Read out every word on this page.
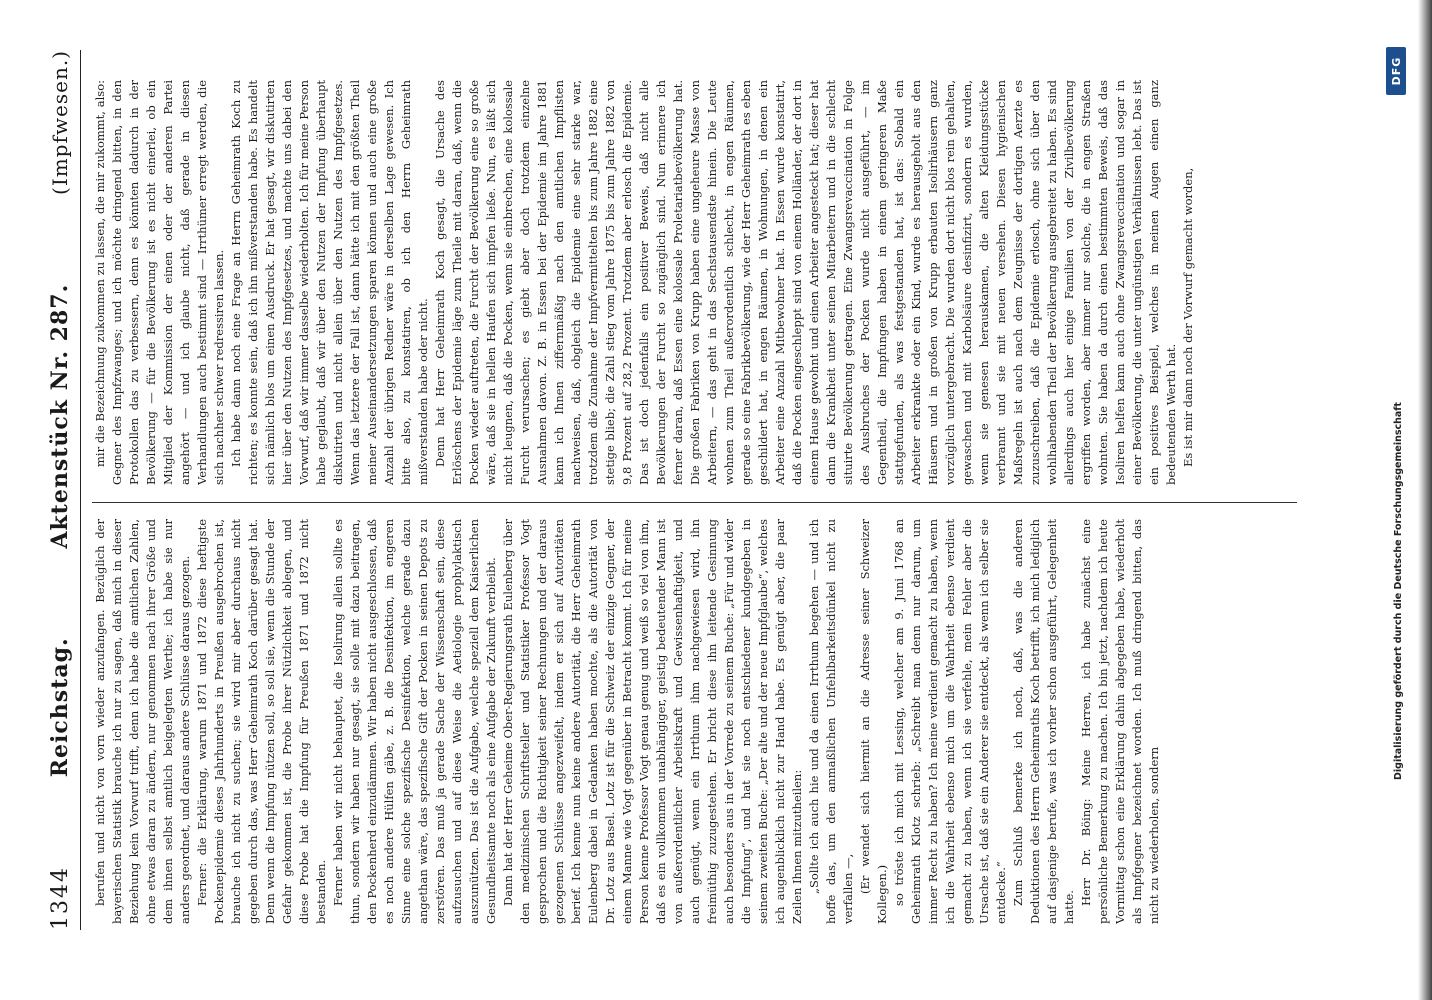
1344
Reichstag.
Aktenstück Nr. 287.
(Impfwesen.)

berufen und nicht von vorn wieder anzufangen. Bezüglich der bayerischen Statistik brauche ich nur zu sagen, daß mich in dieser Beziehung kein Vorwurf trifft, denn ich habe die amtlichen Zahlen, ohne etwas daran zu ändern, nur genommen nach ihrer Größe und dem ihnen selbst amtlich beigelegten Werthe; ich habe sie nur anders geordnet, und daraus andere Schlüsse daraus gezogen. Ferner: die Erklärung, warum 1871 und 1872 diese heftigste Pockenepidemie dieses Jahrhunderts in Preußen ausgebrochen ist, brauche ich nicht zu suchen; sie wird mir aber durchaus nicht gegeben durch das, was Herr Geheimrath Koch darüber gesagt hat. Denn wenn die Impfung nützen soll, so soll sie, wenn die Stunde der Gefahr gekommen ist, die Probe ihrer Nützlichkeit ablegen, und diese Probe hat die Impfung für Preußen 1871 und 1872 nicht bestanden. Ferner haben wir nicht behauptet, die Isolirung allein sollte es thun, sondern wir haben nur gesagt, sie solle mit dazu beitragen, den Pockenherd einzudämmen. Wir haben nicht ausgeschlossen, daß es noch andere Hülfen gäbe, z. B. die Desinfektion, im engeren Sinne eine solche spezifische Desinfektion, welche gerade dazu angethan wäre, das spezifische Gift der Pocken in seinen Depots zu zerstören. Das muß ja gerade Sache der Wissenschaft sein, diese aufzusuchen und auf diese Weise die Aetiologie prophylaktisch auszunützen. Das ist die Aufgabe, welche speziell dem Kaiserlichen Gesundheitsamte noch als eine Aufgabe der Zukunft verbleibt. Dann hat der Herr Geheime Ober-Regierungsrath Eulenberg über den medizinischen Schriftsteller und Statistiker Professor Vogt gesprochen und die Richtigkeit seiner Rechnungen und der daraus gezogenen Schlüsse angezweifelt, indem er sich auf Autoritäten berief. Ich kenne nun keine andere Autorität, die Herr Geheimrath Eulenberg dabei in Gedanken haben mochte, als die Autorität von Dr. Lotz aus Basel. Lotz ist für die Schweiz der einzige Gegner, der einem Manne wie Vogt gegenüber in Betracht kommt. Ich für meine Person kenne Professor Vogt genau genug und weiß so viel von ihm, daß es ein vollkommen unabhängiger, geistig bedeutender Mann ist von außerordentlicher Arbeitskraft und Gewissenhaftigkeit, und auch genügt, wenn ein Irrthum ihm nachgewiesen wird, ihn freimüthig zuzugestehen. Er bricht diese ihn leitende Gesinnung auch besonders aus in der Vorrede zu seinem Buche: „Für und wider die Impfung“, und hat sie noch entschiedener kundgegeben in seinem zweiten Buche: „Der alte und der neue Impfglaube“, welches ich augenblicklich nicht zur Hand habe. Es genügt aber, die paar Zeilen Ihnen mitzutheilen: „Sollte ich auch hie und da einen Irrthum begehen — und ich hoffe das, um den anmaßlichen Unfehlbarkeitsdünkel nicht zu verfallen —, (Er wendet sich hiermit an die Adresse seiner Schweizer Kollegen.) so tröste ich mich mit Lessing, welcher am 9. Juni 1768 an Geheimrath Klotz schrieb: „Schreibt man denn nur darum, um immer Recht zu haben? Ich meine verdient gemacht zu haben, wenn ich die Wahrheit ebenso mich um die Wahrheit ebenso verdient gemacht zu haben, wenn ich sie verfehle, mein Fehler aber die Ursache ist, daß sie ein Anderer sie entdeckt, als wenn ich selber sie entdecke.“ Zum Schluß bemerke ich noch, daß, was die anderen Deduktionen des Herrn Geheimraths Koch betrifft, ich mich lediglich auf dasjenige berufe, was ich vorher schon ausgeführt, Gelegenheit hatte.

Herr Dr. Böing: Meine Herren, ich habe zunächst eine persönliche Bemerkung zu machen. Ich bin jetzt, nachdem ich heute Vormittag schon eine Erklärung dahin abgegeben habe, wiederholt als Impfgegner bezeichnet worden. Ich muß dringend bitten, das nicht zu wiederholen, sondern

mir die Bezeichnung zukommen zu lassen, die mir zukommt, also: Gegner des Impfzwanges; und ich möchte dringend bitten, in den Protokollen das zu verbessern, denn es könnten dadurch in der Bevölkerung — für die Bevölkerung ist es nicht einerlei, ob ein Mitglied der Kommission der einen oder der anderen Partei angehört — und ich glaube nicht, daß gerade in diesen Verhandlungen auch bestimmt sind — Irrthümer erregt werden, die sich nachher schwer redressiren lassen. Ich habe dann noch eine Frage an Herrn Geheimrath Koch zu richten; es konnte sein, daß ich ihn mißverstanden habe. Es handelt sich nämlich blos um einen Ausdruck. Er hat gesagt, wir diskutirten hier über den Nutzen des Impfgesetzes, und machte uns dabei den Vorwurf, daß wir immer dasselbe wiederholten. Ich für meine Person habe geglaubt, daß wir über den Nutzen der Impfung überhaupt diskutirten und nicht allein über den Nutzen des Impfgesetzes. Wenn das letztere der Fall ist, dann hätte ich mit den größten Theil meiner Auseinandersetzungen sparen können und auch eine große Anzahl der übrigen Redner wäre in derselben Lage gewesen. Ich bitte also, zu konstatiren, ob ich den Herrn Geheimrath mißverstanden habe oder nicht. Denn hat Herr Geheimrath Koch gesagt, die Ursache des Erlöschens der Epidemie läge zum Theile mit daran, daß, wenn die Pocken wieder auftreten, die Furcht der Bevölkerung eine so große wäre, daß sie in hellen Haufen sich impfen ließe. Nun, es läßt sich nicht leugnen, daß die Pocken, wenn sie einbrechen, eine kolossale Furcht verursachen; es giebt aber doch trotzdem einzelne Ausnahmen davon. Z. B. in Essen bei der Epidemie im Jahre 1881 kann ich Ihnen ziffernmäßig nach den amtlichen Impflisten nachweisen, daß, obgleich die Epidemie eine sehr starke war, trotzdem die Zunahme der Impfvermittelten bis zum Jahre 1882 eine stetige blieb; die Zahl stieg vom Jahre 1875 bis zum Jahre 1882 von 9,8 Prozent auf 28,2 Prozent. Trotzdem aber erlosch die Epidemie. Das ist doch jedenfalls ein positiver Beweis, daß nicht alle Bevölkerungen der Furcht so zugänglich sind. Nun erinnere ich ferner daran, daß Essen eine kolossale Proletariatbevölkerung hat. Die großen Fabriken von Krupp haben eine ungeheure Masse von Arbeitern, — das geht in das Sechstausendste hinein. Die Leute wohnen zum Theil außerordentlich schlecht, in engen Räumen, gerade so eine Fabrikbevölkerung, wie der Herr Geheimrath es eben geschildert hat, in engen Räumen, in Wohnungen, in denen ein Arbeiter eine Anzahl Mitbewohner hat. In Essen wurde konstatirt, daß die Pocken eingeschleppt sind von einem Holländer, der dort in einem Hause gewohnt und einen Arbeiter angesteckt hat; dieser hat dann die Krankheit unter seinen Mitarbeitern und in die schlecht situirte Bevölkerung getragen. Eine Zwangsrevaccination in Folge des Ausbruches der Pocken wurde nicht ausgeführt, — im Gegentheil, die Impfungen haben in einem geringeren Maße stattgefunden, als was festgestanden hat, ist das: Sobald ein Arbeiter erkrankte oder ein Kind, wurde es herausgeholt aus den Häusern und in großen von Krupp erbauten Isolirhäusern ganz vorzüglich untergebracht. Die wurden dort nicht blos rein gehalten, gewaschen und mit Karbolsäure desinfizirt, sondern es wurden, wenn sie genesen herauskamen, die alten Kleidungsstücke verbrannt und sie mit neuen versehen. Diesen hygienischen Maßregeln ist auch nach dem Zeugnisse der dortigen Aerzte es zuzuschreiben, daß die Epidemie erlosch, ohne sich über den wohlhabenden Theil der Bevölkerung ausgebreitet zu haben. Es sind allerdings auch hier einige Familien von der Zivilbevölkerung ergriffen worden, aber immer nur solche, die in engen Straßen wohnten. Sie haben da durch einen bestimmten Beweis, daß das Isoliren helfen kann auch ohne Zwangsrevaccination und sogar in einer Bevölkerung, die unter ungünstigen Verhältnissen lebt. Das ist ein positives Beispiel, welches in meinen Augen einen ganz bedeutenden Werth hat. Es ist mir dann noch der Vorwurf gemacht worden,

Digitalisierung gefördert durch die Deutsche Forschungsgemeinschaft
DFG
